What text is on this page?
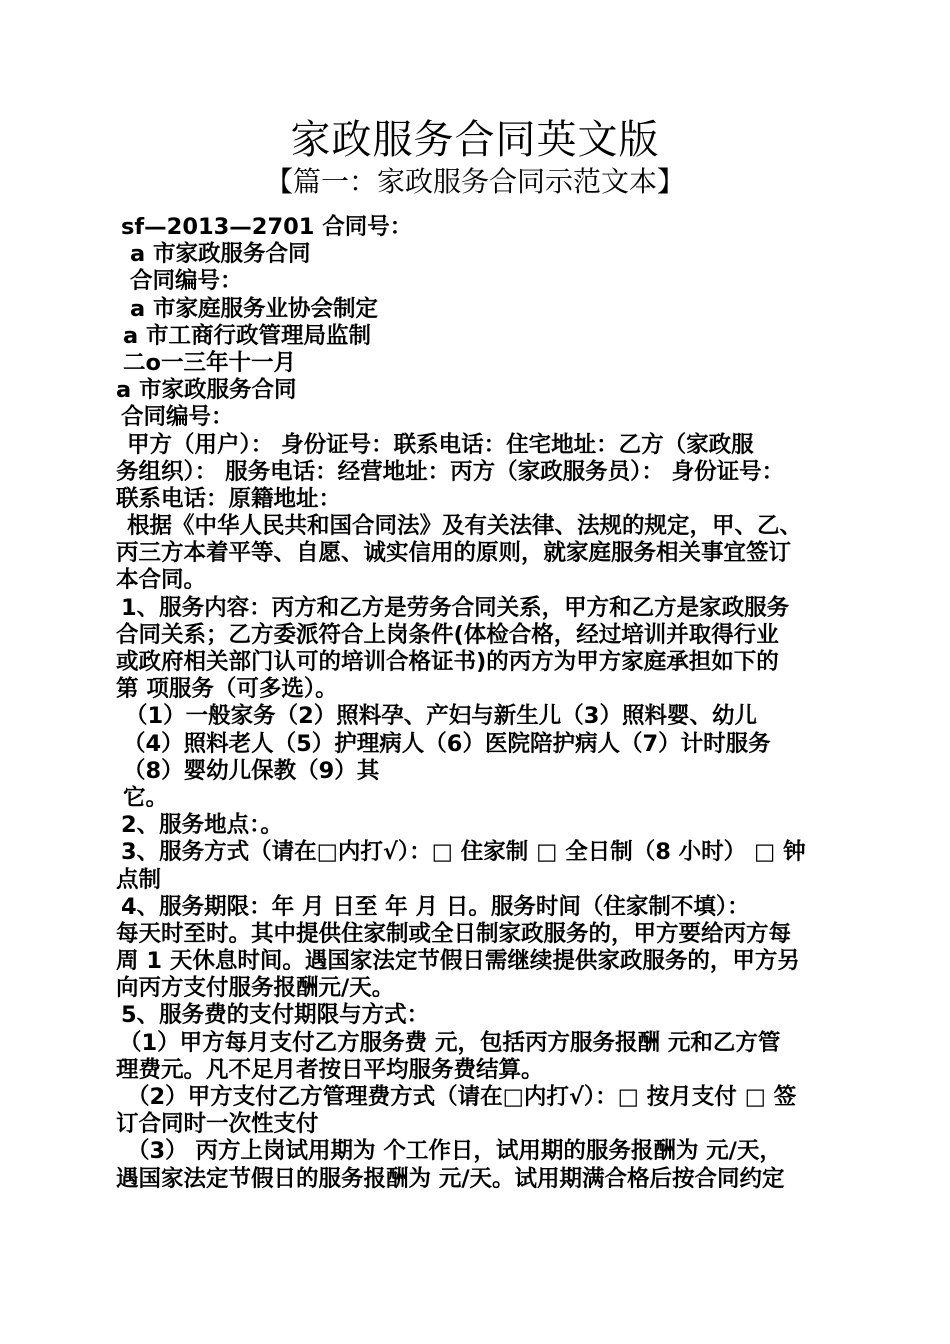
家政服务合同英文版
【篇一：家政服务合同示范文本】

sf—2013—2701 合同号：

a 市家政服务合同

合同编号：

a 市家庭服务业协会制定

a 市工商行政管理局监制

二o一三年十一月

a 市家政服务合同

合同编号：

甲方（用户）： 身份证号：联系电话：住宅地址：乙方（家政服

务组织）： 服务电话：经营地址：丙方（家政服务员）： 身份证号：

联系电话：原籍地址：

根据《中华人民共和国合同法》及有关法律、法规的规定，甲、乙、

丙三方本着平等、自愿、诚实信用的原则，就家庭服务相关事宜签订

本合同。

1、服务内容：丙方和乙方是劳务合同关系，甲方和乙方是家政服务

合同关系；乙方委派符合上岗条件(体检合格，经过培训并取得行业

或政府相关部门认可的培训合格证书)的丙方为甲方家庭承担如下的

第 项服务（可多选）。

（1）一般家务（2）照料孕、产妇与新生儿（3）照料婴、幼儿

（4）照料老人（5）护理病人（6）医院陪护病人（7）计时服务

（8）婴幼儿保教（9）其

它。

2、服务地点：。

3、服务方式（请在□内打√）：□ 住家制 □ 全日制（8 小时） □ 钟

点制

4、服务期限：年 月 日至 年 月 日。服务时间（住家制不填）：

每天时至时。其中提供住家制或全日制家政服务的，甲方要给丙方每

周 1 天休息时间。遇国家法定节假日需继续提供家政服务的，甲方另

向丙方支付服务报酬元/天。

5、服务费的支付期限与方式：

（1）甲方每月支付乙方服务费 元，包括丙方服务报酬 元和乙方管

理费元。凡不足月者按日平均服务费结算。

（2）甲方支付乙方管理费方式（请在□内打√）：□ 按月支付 □ 签

订合同时一次性支付

（3） 丙方上岗试用期为 个工作日，试用期的服务报酬为 元/天，

遇国家法定节假日的服务报酬为 元/天。试用期满合格后按合同约定
